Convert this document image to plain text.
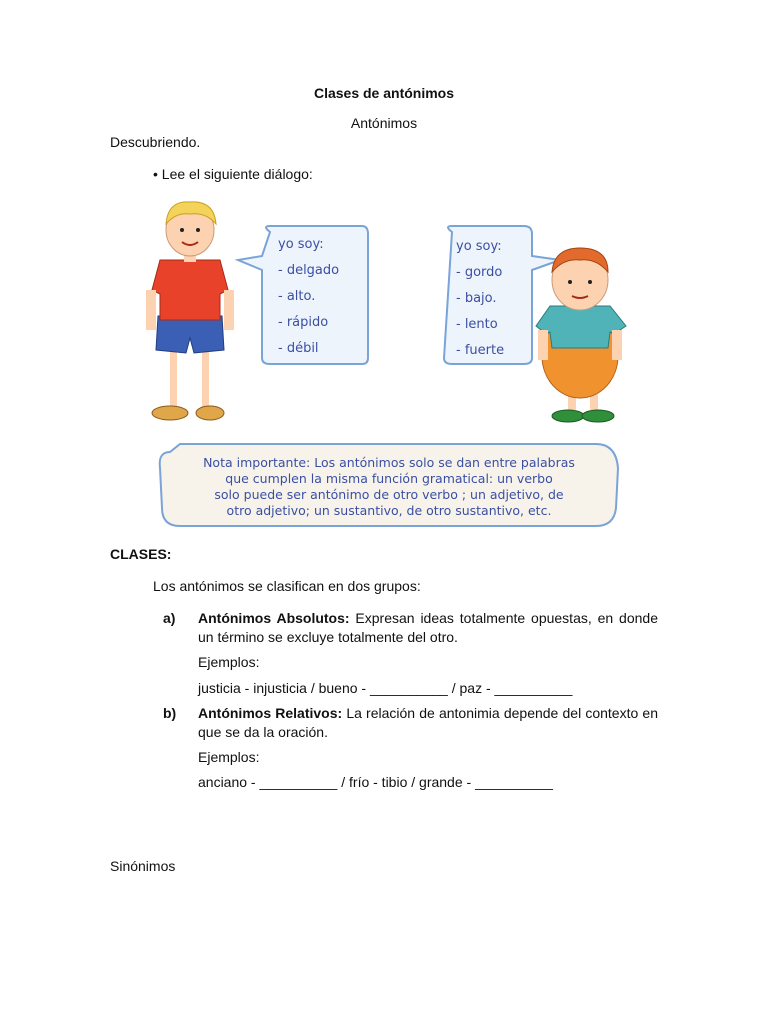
Clases de antónimos
Antónimos
Descubriendo.
• Lee el siguiente diálogo:
yo soy:
- delgado
- alto.
- rápido
- débil
yo soy:
- gordo
- bajo.
- lento
- fuerte
Nota importante: Los antónimos solo se dan entre palabras
que cumplen la misma función gramatical: un verbo
solo puede ser antónimo de otro verbo ; un adjetivo, de
otro adjetivo; un sustantivo, de otro sustantivo, etc.
CLASES:
Los antónimos se clasifican en dos grupos:
a) Antónimos Absolutos: Expresan ideas totalmente opuestas, en donde un término se excluye totalmente del otro.
Ejemplos:
justicia - injusticia / bueno - __________ / paz - __________
b) Antónimos Relativos: La relación de antonimia depende del contexto en que se da la oración.
Ejemplos:
anciano - __________ / frío - tibio / grande - __________
Sinónimos
